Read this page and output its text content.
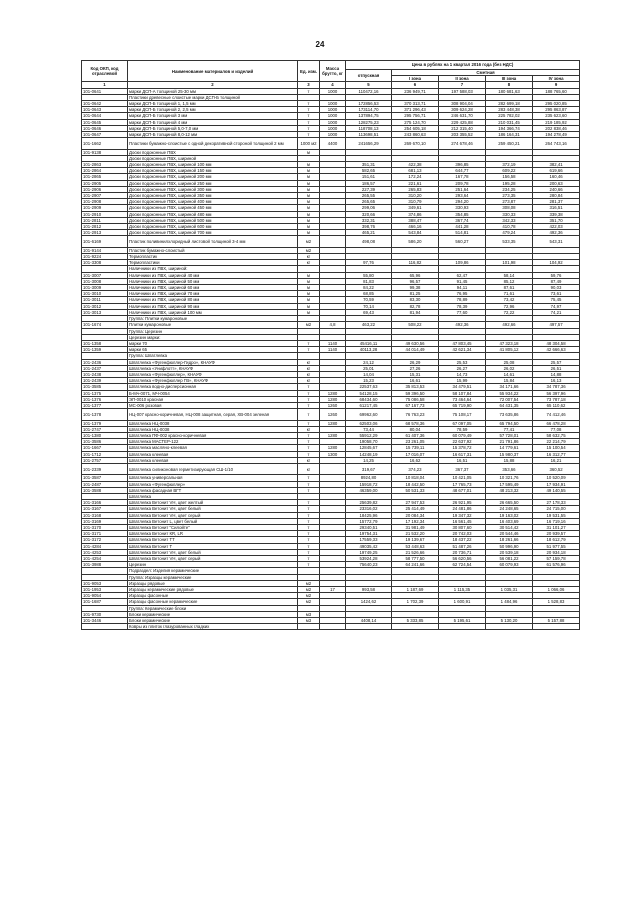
24
Код ОКП, код отраслевой	Наименование материалов и изделий	Ед. изм.	Масса брутто, кг	Цена в рублях на 1 квартал 2016 года (без НДС)				
				отпускная	Сметная			
					I зона	II зона	III зона	IV зона
1	2	3	4	5	6	7	8	9
101-0641	марки ДСП-А толщиной 25-30 мм	т	1000	110472,16	236 949,71	197 588,03	180 681,63	188 765,60
	Пластики древесные слоистые марки ДСП-Б толщиной							
101-0642	марки ДСП-Б толщиной 1, 1,5 мм	т	1000	172856,53	370 313,71	308 904,04	282 699,18	295 020,85
101-0643	марки ДСП-Б толщиной 2, 2,5 мм	т	1000	173114,70	371 296,43	309 624,28	283 448,38	295 863,87
101-0644	марки ДСП-Б толщиной 3 мм	т	1000	137894,75	295 756,71	246 631,70	225 782,02	235 623,60
101-0645	марки ДСП-Б толщиной 4 мм	т	1000	128275,23	275 124,70	229 425,88	210 031,45	219 185,92
101-0646	марки ДСП-Б толщиной 5,0-7,0 мм	т	1000	118708,13	254 605,18	212 315,40	194 366,74	202 838,46
101-0647	марки ДСП-Б толщиной 8,0-12 мм	т	1000	113698,51	243 860,63	203 355,52	186 164,31	194 278,49
101-1662	Пластики бумажно-слоистые с одной декоративной стороной толщиной 2 мм	1000 м2	4400	241656,29	269 670,10	274 678,46	259 450,21	264 743,16
101-9138	Доски подоконные ПВХ	м						
	Доски подоконные ПВХ, шириной							
101-2863	Доски подоконные ПВХ, шириной 100 мм	м		351,31	422,38	396,85	372,19	382,41
101-2864	Доски подоконные ПВХ, шириной 150 мм	м		582,65	681,13	644,77	609,22	619,66
101-2865	Доски подоконные ПВХ, шириной 200 мм	м		151,61	172,24	167,78	156,58	160,46
101-2905	Доски подоконные ПВХ, шириной 250 мм	м		186,57	221,61	209,78	195,28	200,63
101-2906	Доски подоконные ПВХ, шириной 300 мм	м		227,39	265,83	251,64	234,25	240,66
101-2907	Доски подоконные ПВХ, шириной 350 мм	м		265,55	310,20	293,64	273,35	280,84
101-2908	Доски подоконные ПВХ, шириной 400 мм	м		265,65	310,79	294,20	273,87	281,37
101-2909	Доски подоконные ПВХ, шириной 450 мм	м		299,06	349,61	330,93	308,08	316,51
101-2910	Доски подоконные ПВХ, шириной 480 мм	м		320,66	374,86	354,85	330,33	339,38
101-2811	Доски подоконные ПВХ, шириной 500 мм	м		332,31	388,47	367,74	342,33	351,70
101-2812	Доски подоконные ПВХ, шириной 600 мм	м		398,76	466,16	441,28	410,78	422,03
101-2913	Доски подоконные ПВХ, шириной 700 мм	м		465,21	543,84	514,81	479,24	492,36
101-6169	Пластик поливинилхлоридный листовой толщиной 3-4 мм	м2		498,08	586,20	560,27	533,35	543,31
101-9144	Пластик бумажно-слоистый	м2						
101-9224	Термопластик	кг						
101-3308	Термопластики	кг		97,76	116,82	109,86	101,98	104,92
	Наличники из ПВХ, шириной:							
101-3007	Наличники из ПВХ, шириной 40 мм	м		55,80	65,96	62,47	58,14	59,76
101-3008	Наличники из ПВХ, шириной 50 мм	м		81,83	96,57	91,45	85,12	87,49
101-3009	Наличники из ПВХ, шириной 60 мм	м		84,22	99,38	94,11	87,61	90,03
101-3010	Наличники из ПВХ, шириной 70 мм	м		68,85	81,25	76,95	71,61	73,61
101-3011	Наличники из ПВХ, шириной 80 мм	м		70,59	83,30	78,89	73,42	75,45
101-3012	Наличники из ПВХ, шириной 90 мм	м		70,14	82,78	78,39	72,96	74,97
101-3013	Наличники из ПВХ, шириной 100 мм	м		69,43	81,94	77,60	72,22	74,21
	Группа: Плитки кумароновые							
101-1674	Плитки кумароновые	м2	4,8	463,22	508,22	492,36	492,66	497,57
	Группа: Церезин							
	Церезин марки:							
101-1358	марки 70	т	1140	45416,11	49 630,56	47 803,45	47 323,18	48 304,58
101-1359	марки 65	т	1140	40113,28	44 014,49	42 621,34	41 805,12	42 666,63
	Группа: Шпатлевка							
101-2436	Шпатлевка «Фугенфюллер-Гидро», КНАУФ	кг		24,12	26,29	25,53	25,08	25,57
101-2437	Шпатлевка «Унифлотт», КНАУФ	кг		25,01	27,26	26,27	26,02	26,51
101-2438	Шпатлевка «Фугенфюллер», КНАУФ	кг		14,04	15,31	14,73	14,61	14,88
101-2439	Шпатлевка «Фугенфюллер ГВ», КНАУФ	кг		15,23	16,61	15,99	15,84	16,13
101-3585	Шпатлевка водно-дисперсионная	т		22537,63	35 813,53	34 479,51	34 171,66	34 787,36
101-1375	Б-Мч-0071, МЧ-0054	т	1280	54128,15	59 396,50	58 107,84	55 934,22	56 397,96
101-1376	ЭП-0010 красная	т	1280	68434,60	75 086,58	73 464,64	72 007,54	73 787,18
101-1377	МС-006 розовая	т	1260	61217,45	67 167,73	65 719,90	64 431,35	65 110,62
101-1378	НЦ-007 красно-коричневая, НЦ-008 защитная, серая, ХВ-004 зеленая	т	1260	69962,60	76 763,23	75 108,17	73 635,86	74 412,46
101-1379	Шпатлевка НЦ-0038	т	1280	62503,06	68 578,36	67 097,05	65 794,50	66 478,28
101-2747	Шпатлевка НЦ-0038	кг		73,44	80,04	78,59	77,41	77,08
101-1380	Шпатлевка ПФ-002 красно-коричневая	т	1280	55912,29	61 407,36	60 079,49	57 728,01	58 632,75
101-3586	Шпатлевка МАСТЕР-122	т		19058,70	23 261,05	22 637,92	21 791,86	22 214,79
101-1667	Шпатлевка масляно-клеевая	т	1280	12845,67	15 739,11	15 378,72	14 779,61	15 100,54
101-1712	Шпатлевка клеевая	т	1300	14248,19	17 016,07	16 617,31	15 980,37	16 312,77
101-2757	Шпатлевка клеевая	кг		14,25	16,62	16,51	15,88	16,21
101-2339	Шпатлевка силиконовая герметизирующая СШ-1/10	кг		319,67	374,23	367,37	353,66	360,52
101-3587	Шпатлевка универсальная	т		8924,80	10 818,04	10 421,05	10 321,76	10 520,09
101-2487	Шпатлевка «Фугенфюллер»	т		15918,72	18 442,50	17 765,73	17 595,49	17 934,91
101-3588	Шпатлевка фасадная ВГТ	т		46359,00	50 531,33	48 677,01	48 213,32	49 140,55
	Шпатлевка							
101-3166	Шпатлевка Ветонит VH, цвет желтый	т		25639,82	27 947,53	26 921,95	26 665,50	27 178,33
101-3167	Шпатлевка Ветонит VH, цвет белый	т		23316,02	25 414,49	24 481,86	24 248,65	24 715,00
101-3168	Шпатлевка Ветонит VH, цвет серый	т		18425,96	20 084,34	19 347,32	19 163,02	19 531,55
101-3169	Шпатлевка Ветонит L, цвет белый	т		15772,79	17 192,34	16 561,45	16 403,69	16 719,16
101-3170	Шпатлевка Ветонит "Силойте"	т		29340,51	31 981,49	30 807,60	30 514,42	31 101,27
101-3171	Шпатлевка Ветонит КR, LR	т		19754,31	21 532,20	20 742,03	20 544,46	20 939,57
101-3172	Шпатлевка Ветонит ТТ	т		17559,33	19 139,67	18 437,22	18 261,66	18 612,79
101-4284	Шпатлевка Ветонит Т	т		49035,42	53 448,63	51 487,26	50 996,90	51 977,55
101-4253	Шпатлевка Ветонит VH, цвет белый	т		19749,25	21 526,66	20 736,71	20 539,18	20 934,18
101-4254	Шпатлевка Ветонит VH, цвет серый	т		53924,28	58 777,50	56 620,56	56 081,22	57 159,78
101-3988	Церезин	т		75640,23	64 241,66	62 724,54	60 079,93	61 576,96
	Подраздел: Изделия керамические							
	Группа: Изразцы керамические							
101-9053	Изразцы рядовые	м2						
101-1953	Изразцы керамические рядовые	м2	17	993,58	1 187,69	1 115,35	1 035,31	1 066,06
101-9054	Изразцы фасонные	м2						
101-1687	Изразцы фасонные керамические	м2		1424,62	1 702,39	1 600,91	1 484,96	1 528,83
	Группа: Керамические блоки							
101-9730	Блоки керамические	м3						
101-3446	Блоки керамические	м3		4408,14	5 333,85	5 195,61	5 130,20	5 157,88
	Ковры из плиток глазурованных гладких							
